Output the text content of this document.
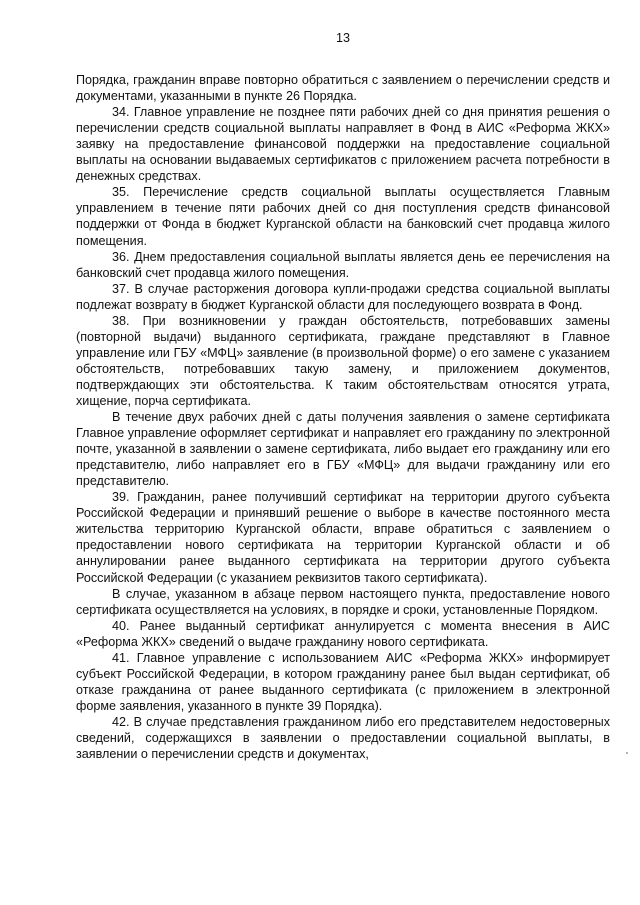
13

Порядка, гражданин вправе повторно обратиться с заявлением о перечислении средств и документами, указанными в пункте 26 Порядка.

34. Главное управление не позднее пяти рабочих дней со дня принятия решения о перечислении средств социальной выплаты направляет в Фонд в АИС «Реформа ЖКХ» заявку на предоставление финансовой поддержки на предоставление социальной выплаты на основании выдаваемых сертификатов с приложением расчета потребности в денежных средствах.

35. Перечисление средств социальной выплаты осуществляется Главным управлением в течение пяти рабочих дней со дня поступления средств финансовой поддержки от Фонда в бюджет Курганской области на банковский счет продавца жилого помещения.

36. Днем предоставления социальной выплаты является день ее перечисления на банковский счет продавца жилого помещения.

37. В случае расторжения договора купли-продажи средства социальной выплаты подлежат возврату в бюджет Курганской области для последующего возврата в Фонд.

38. При возникновении у граждан обстоятельств, потребовавших замены (повторной выдачи) выданного сертификата, граждане представляют в Главное управление или ГБУ «МФЦ» заявление (в произвольной форме) о его замене с указанием обстоятельств, потребовавших такую замену, и приложением документов, подтверждающих эти обстоятельства. К таким обстоятельствам относятся утрата, хищение, порча сертификата.

В течение двух рабочих дней с даты получения заявления о замене сертификата Главное управление оформляет сертификат и направляет его гражданину по электронной почте, указанной в заявлении о замене сертификата, либо выдает его гражданину или его представителю, либо направляет его в ГБУ «МФЦ» для выдачи гражданину или его представителю.

39. Гражданин, ранее получивший сертификат на территории другого субъекта Российской Федерации и принявший решение о выборе в качестве постоянного места жительства территорию Курганской области, вправе обратиться с заявлением о предоставлении нового сертификата на территории Курганской области и об аннулировании ранее выданного сертификата на территории другого субъекта Российской Федерации (с указанием реквизитов такого сертификата).

В случае, указанном в абзаце первом настоящего пункта, предоставление нового сертификата осуществляется на условиях, в порядке и сроки, установленные Порядком.

40. Ранее выданный сертификат аннулируется с момента внесения в АИС «Реформа ЖКХ» сведений о выдаче гражданину нового сертификата.

41. Главное управление с использованием АИС «Реформа ЖКХ» информирует субъект Российской Федерации, в котором гражданину ранее был выдан сертификат, об отказе гражданина от ранее выданного сертификата (с приложением в электронной форме заявления, указанного в пункте 39 Порядка).

42. В случае представления гражданином либо его представителем недостоверных сведений, содержащихся в заявлении о предоставлении социальной выплаты, в заявлении о перечислении средств и документах,
